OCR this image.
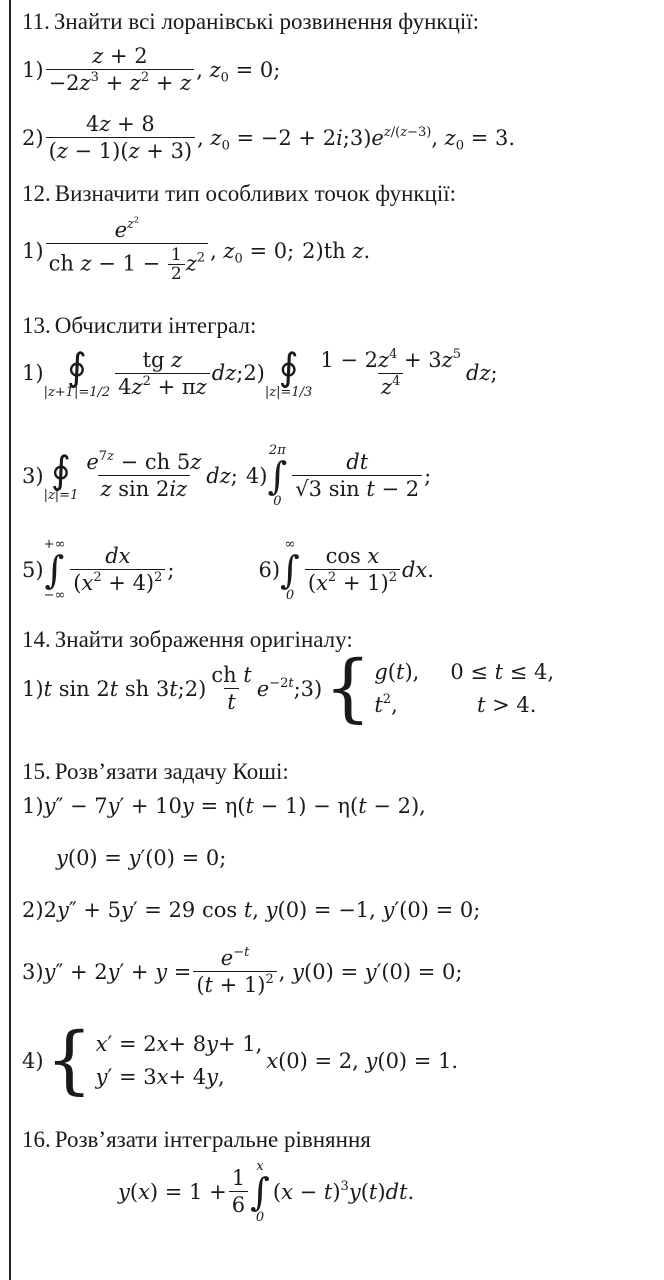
11. Знайти всі лоранівські розвинення функції:
$1) \frac{z + 2}{-2z^3 + z^2 + z}$ , $z_0 = 0$;
$2) \frac{4z + 8}{(z - 1)(z + 3)}$ , $z_0 = -2$ + $2i;3)e^{z/(z-3)}$, $z_0 = 3$.
12. Визначити тип особливих точок функції:
$1) \frac{e^{z^2}}{ch z - 1 - \frac{1}{2} z^2}$ , $z_0 = 0$; 2) th z.
13. Обчислити інтеграл:
1) ∮
$|z+1|=1/2 \frac{\text{tg z}}{4z^2 + \pi z}$ dz; 2) ∮
$|z|=1/3 \frac{1 - 2z^4 + 3z^5}{z^4}$ dz;
3) ∮
$|z|=1 \frac{e^{7z} - ch 5z}{\text{z sin 2iz}}$ dz; 4)
2π
∫
0
$\frac{dt}{\text{√3 sin t − 2}}$ ;
5)
+∞
∫
−∞
$\frac{dx}{(x^2 + 4)^2}$ ;	6)
∞
∫
0
$\frac{\text{cos x}}{(x^2 + 1)^2}$ dx.
14. Знайти зображення оригіналу:
1) t sin 2t sh 3t; $2) \frac{\text{ch t}}{t} e^{-2t}$; 3) { g(t),	0 ≤ t ≤ 4,
$t^2$,	t > 4.
15. Розв’язати задачу Коші:
1) y″ − 7y′ + 10y = η(t − 1) − η(t − 2),
y(0) = y′(0) = 0;
2) 2y″ + 5y′ = 29 cos t, y(0) = −1, y′(0) = 0;
3) $y'' + 2y' + y = \frac{e^{-t}}{(t + 1)^2}$ , y(0) = y′(0) = 0;
4) { x ′ = 2 x + 8 y + 1,
y ′ = 3 x + 4 y ,
x(0) = 2, y(0) = 1.
16. Розв’язати інтегральне рівняння
$y(x) = 1 + \frac{1}{6}$
x
∫
0
$(x - t)^3y(t)dt$.
